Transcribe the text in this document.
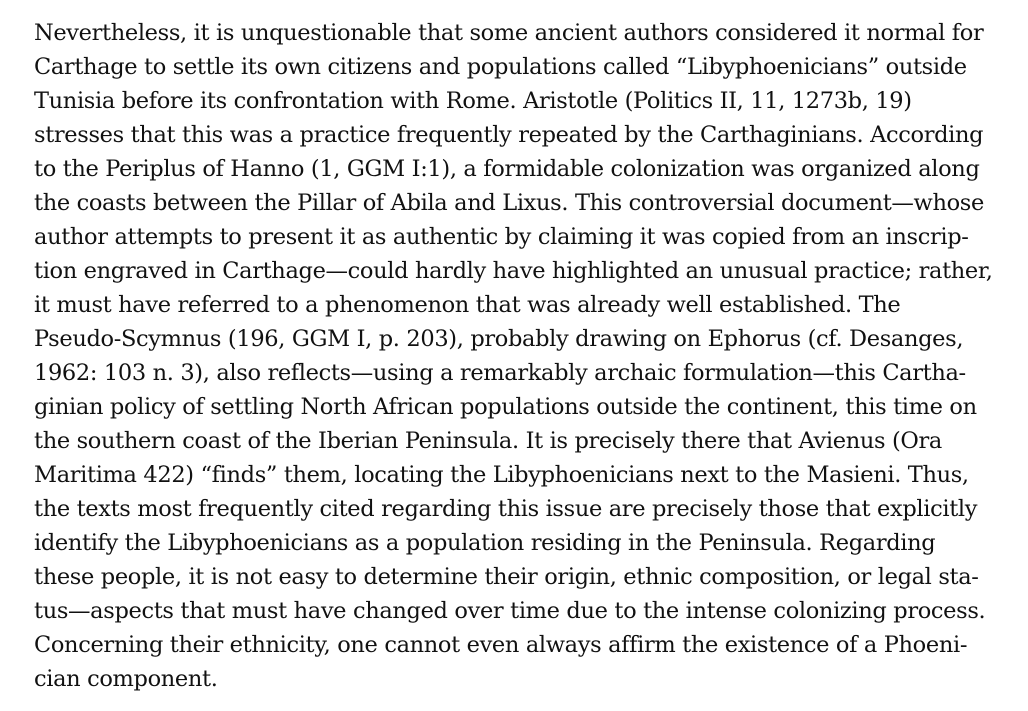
Nevertheless, it is unquestionable that some ancient authors considered it normal for
Carthage to settle its own citizens and populations called “Libyphoenicians” outside
Tunisia before its confrontation with Rome. Aristotle (Politics II, 11, 1273b, 19)
stresses that this was a practice frequently repeated by the Carthaginians. According
to the Periplus of Hanno (1, GGM I:1), a formidable colonization was organized along
the coasts between the Pillar of Abila and Lixus. This controversial document—whose
author attempts to present it as authentic by claiming it was copied from an inscrip-
tion engraved in Carthage—could hardly have highlighted an unusual practice; rather,
it must have referred to a phenomenon that was already well established. The
Pseudo-Scymnus (196, GGM I, p. 203), probably drawing on Ephorus (cf. Desanges,
1962: 103 n. 3), also reflects—using a remarkably archaic formulation—this Cartha-
ginian policy of settling North African populations outside the continent, this time on
the southern coast of the Iberian Peninsula. It is precisely there that Avienus (Ora
Maritima 422) “finds” them, locating the Libyphoenicians next to the Masieni. Thus,
the texts most frequently cited regarding this issue are precisely those that explicitly
identify the Libyphoenicians as a population residing in the Peninsula. Regarding
these people, it is not easy to determine their origin, ethnic composition, or legal sta-
tus—aspects that must have changed over time due to the intense colonizing process.
Concerning their ethnicity, one cannot even always affirm the existence of a Phoeni-
cian component.
